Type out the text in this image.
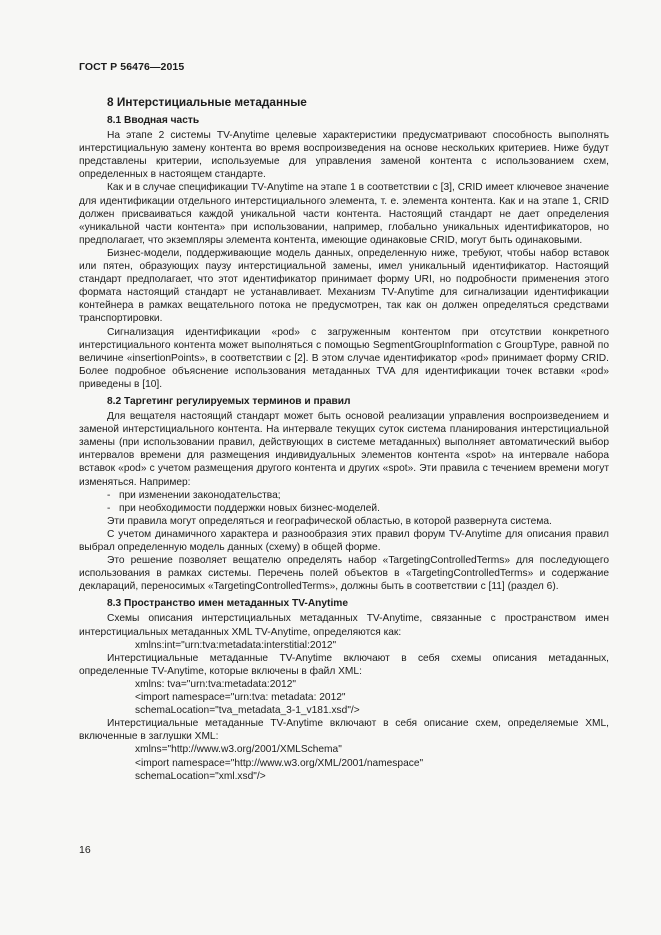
ГОСТ Р 56476—2015
8 Интерстициальные метаданные
8.1 Вводная часть

На этапе 2 системы TV-Anytime целевые характеристики предусматривают способность выполнять интерстициальную замену контента во время воспроизведения на основе нескольких критериев. Ниже будут представлены критерии, используемые для управления заменой контента с использованием схем, определенных в настоящем стандарте.

Как и в случае спецификации TV-Anytime на этапе 1 в соответствии с [3], CRID имеет ключевое значение для идентификации отдельного интерстициального элемента, т. е. элемента контента. Как и на этапе 1, CRID должен присваиваться каждой уникальной части контента. Настоящий стандарт не дает определения «уникальной части контента» при использовании, например, глобально уникальных идентификаторов, но предполагает, что экземпляры элемента контента, имеющие одинаковые CRID, могут быть одинаковыми.

Бизнес-модели, поддерживающие модель данных, определенную ниже, требуют, чтобы набор вставок или пятен, образующих паузу интерстициальной замены, имел уникальный идентификатор. Настоящий стандарт предполагает, что этот идентификатор принимает форму URI, но подробности применения этого формата настоящий стандарт не устанавливает. Механизм TV-Anytime для сигнализации идентификации контейнера в рамках вещательного потока не предусмотрен, так как он должен определяться средствами транспортировки.

Сигнализация идентификации «pod» с загруженным контентом при отсутствии конкретного интерстициального контента может выполняться с помощью SegmentGroupInformation с GroupType, равной по величине «insertionPoints», в соответствии с [2]. В этом случае идентификатор «pod» принимает форму CRID. Более подробное объяснение использования метаданных TVA для идентификации точек вставки «pod» приведены в [10].

8.2 Таргетинг регулируемых терминов и правил

Для вещателя настоящий стандарт может быть основой реализации управления воспроизведением и заменой интерстициального контента. На интервале текущих суток система планирования интерстициальной замены (при использовании правил, действующих в системе метаданных) выполняет автоматический выбор интервалов времени для размещения индивидуальных элементов контента «spot» на интервале набора вставок «pod» с учетом размещения другого контента и других «spot». Эти правила с течением времени могут изменяться. Например:

- при изменении законодательства;
- при необходимости поддержки новых бизнес-моделей.

Эти правила могут определяться и географической областью, в которой развернута система.

С учетом динамичного характера и разнообразия этих правил форум TV-Anytime для описания правил выбрал определенную модель данных (схему) в общей форме.

Это решение позволяет вещателю определять набор «TargetingControlledTerms» для последующего использования в рамках системы. Перечень полей объектов в «TargetingControlledTerms» и содержание деклараций, переносимых «TargetingControlledTerms», должны быть в соответствии с [11] (раздел 6).

8.3 Пространство имен метаданных TV-Anytime

Схемы описания интерстициальных метаданных TV-Anytime, связанные с пространством имен интерстициальных метаданных XML TV-Anytime, определяются как:

xmlns:int="urn:tva:metadata:interstitial:2012"

Интерстициальные метаданные TV-Anytime включают в себя схемы описания метаданных, определенные TV-Anytime, которые включены в файл XML:

xmlns: tva="urn:tva:metadata:2012"
<import namespace="urn:tva: metadata: 2012"
schemaLocation="tva_metadata_3-1_v181.xsd"/>

Интерстициальные метаданные TV-Anytime включают в себя описание схем, определяемые XML, включенные в заглушки XML:

xmlns="http://www.w3.org/2001/XMLSchema"
<import namespace="http://www.w3.org/XML/2001/namespace"
schemaLocation="xml.xsd"/>
16
